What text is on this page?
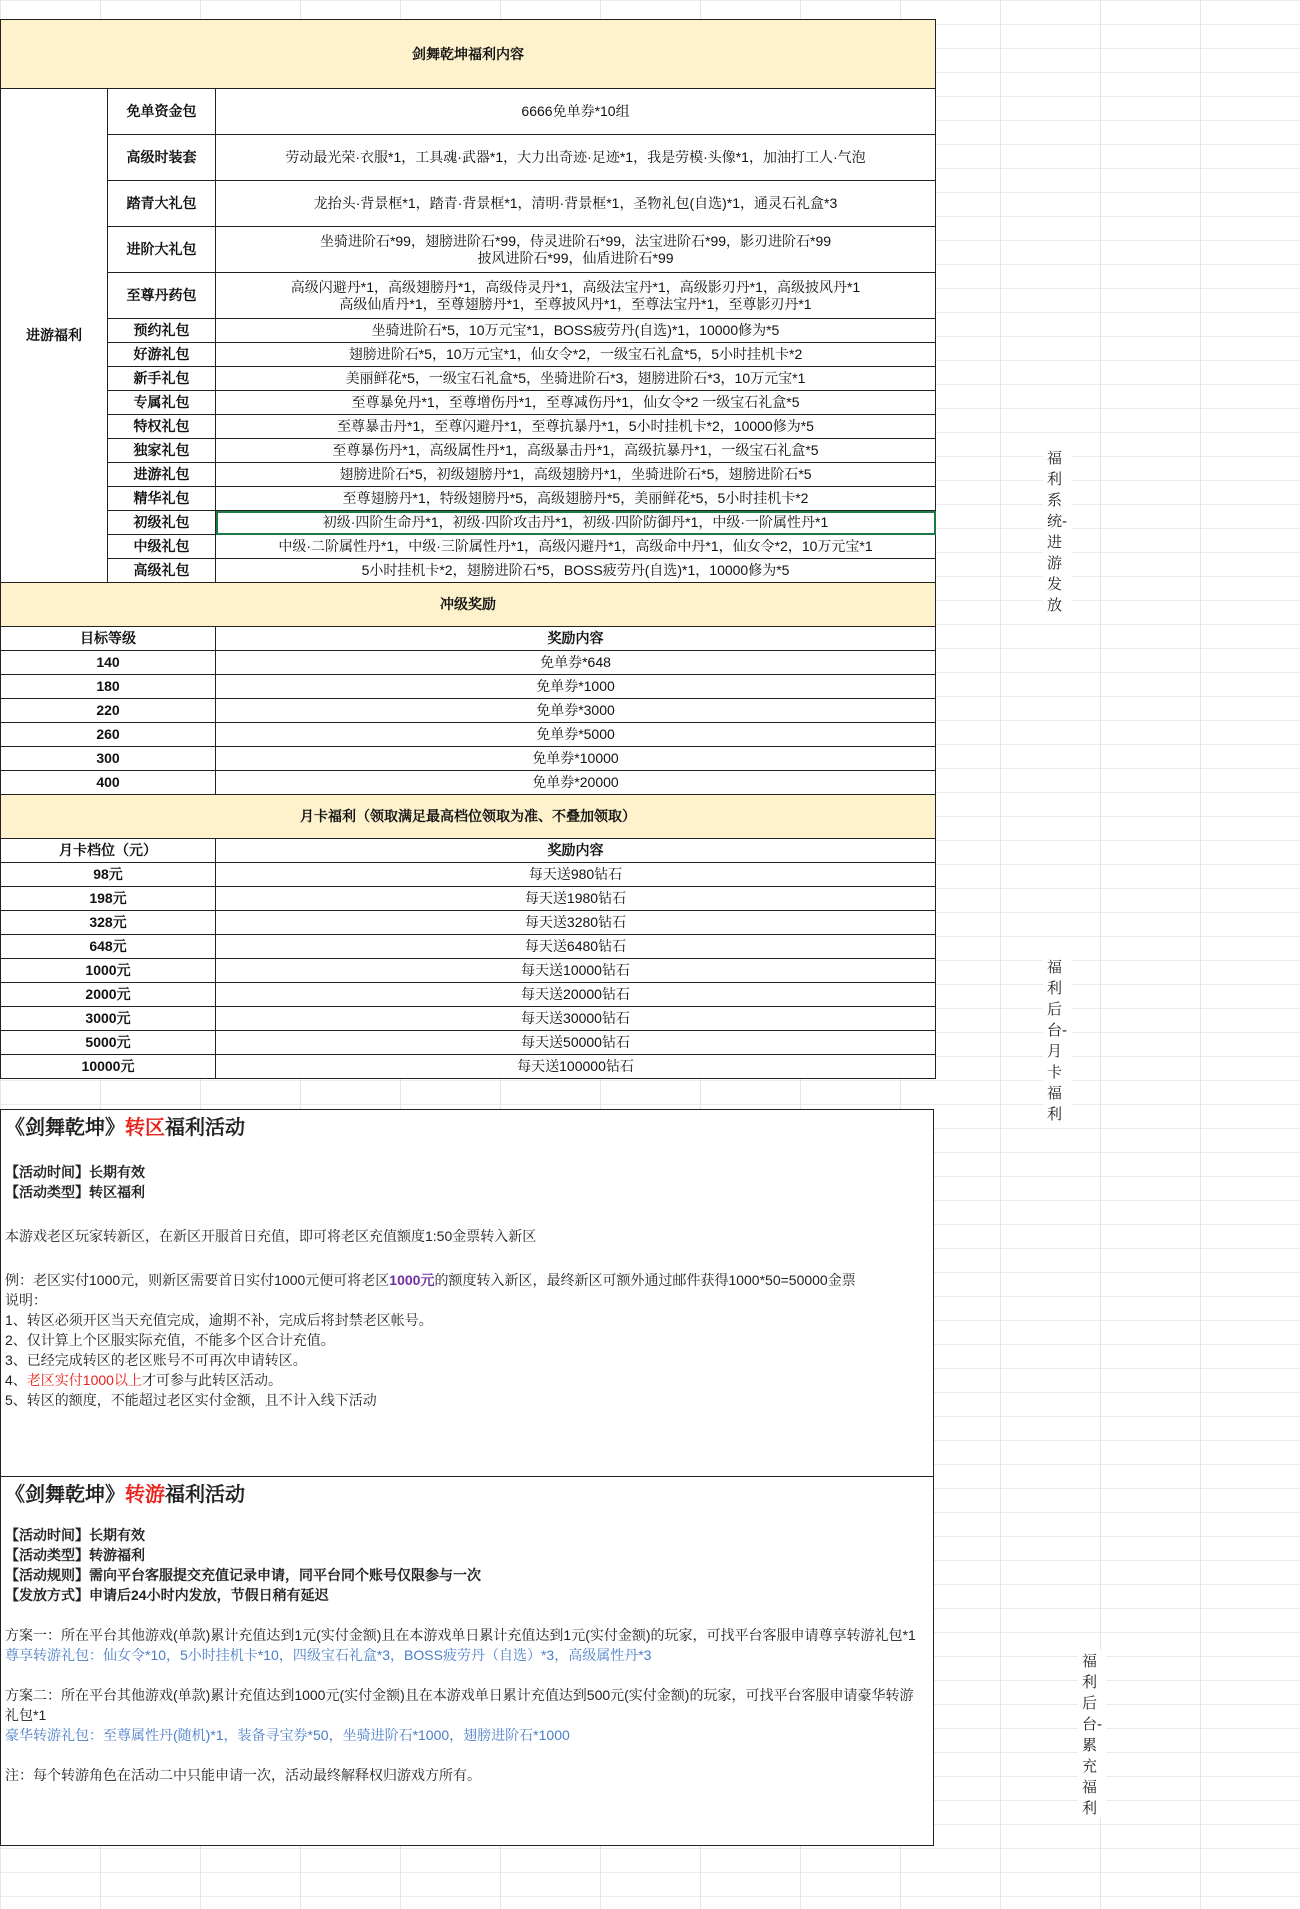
剑舞乾坤福利内容		
进游福利	免单资金包	6666免单券*10组
	高级时装套	劳动最光荣·衣服*1，工具魂·武器*1，大力出奇迹·足迹*1，我是劳模·头像*1，加油打工人·气泡
	踏青大礼包	龙抬头·背景框*1，踏青·背景框*1，清明·背景框*1，圣物礼包(自选)*1，通灵石礼盒*3
	进阶大礼包	坐骑进阶石*99，翅膀进阶石*99，侍灵进阶石*99，法宝进阶石*99，影刃进阶石*99
披风进阶石*99，仙盾进阶石*99

	至尊丹药包	高级闪避丹*1，高级翅膀丹*1，高级侍灵丹*1，高级法宝丹*1，高级影刃丹*1，高级披风丹*1
高级仙盾丹*1，至尊翅膀丹*1，至尊披风丹*1，至尊法宝丹*1，至尊影刃丹*1

	预约礼包	坐骑进阶石*5，10万元宝*1，BOSS疲劳丹(自选)*1，10000修为*5
	好游礼包	翅膀进阶石*5，10万元宝*1，仙女令*2，一级宝石礼盒*5，5小时挂机卡*2
	新手礼包	美丽鲜花*5，一级宝石礼盒*5，坐骑进阶石*3，翅膀进阶石*3，10万元宝*1
	专属礼包	至尊暴免丹*1，至尊增伤丹*1，至尊减伤丹*1，仙女令*2 一级宝石礼盒*5
	特权礼包	至尊暴击丹*1，至尊闪避丹*1，至尊抗暴丹*1，5小时挂机卡*2，10000修为*5
	独家礼包	至尊暴伤丹*1，高级属性丹*1，高级暴击丹*1，高级抗暴丹*1，一级宝石礼盒*5
	进游礼包	翅膀进阶石*5，初级翅膀丹*1，高级翅膀丹*1，坐骑进阶石*5，翅膀进阶石*5
	精华礼包	至尊翅膀丹*1，特级翅膀丹*5，高级翅膀丹*5，美丽鲜花*5，5小时挂机卡*2
	初级礼包	初级·四阶生命丹*1，初级·四阶攻击丹*1，初级·四阶防御丹*1，中级·一阶属性丹*1
	中级礼包	中级·二阶属性丹*1，中级·三阶属性丹*1，高级闪避丹*1，高级命中丹*1，仙女令*2，10万元宝*1
	高级礼包	5小时挂机卡*2，翅膀进阶石*5，BOSS疲劳丹(自选)*1，10000修为*5
冲级奖励		
目标等级		奖励内容
140		免单券*648
180		免单券*1000
220		免单券*3000
260		免单券*5000
300		免单券*10000
400		免单券*20000
月卡福利（领取满足最高档位领取为准、不叠加领取）		
月卡档位（元）		奖励内容
98元		每天送980钻石
198元		每天送1980钻石
328元		每天送3280钻石
648元		每天送6480钻石
1000元		每天送10000钻石
2000元		每天送20000钻石
3000元		每天送30000钻石
5000元		每天送50000钻石
10000元		每天送100000钻石
福利系统-进游发放
福利后台-月卡福利
福利后台-累充福利
《剑舞乾坤》转区福利活动
【活动时间】长期有效
【活动类型】转区福利
本游戏老区玩家转新区，在新区开服首日充值，即可将老区充值额度1:50金票转入新区
例：老区实付1000元，则新区需要首日实付1000元便可将老区1000元的额度转入新区，最终新区可额外通过邮件获得1000*50=50000金票
说明：
1、转区必须开区当天充值完成，逾期不补，完成后将封禁老区帐号。
2、仅计算上个区服实际充值，不能多个区合计充值。
3、已经完成转区的老区账号不可再次申请转区。
4、老区实付1000以上才可参与此转区活动。
5、转区的额度，不能超过老区实付金额，且不计入线下活动
《剑舞乾坤》转游福利活动
【活动时间】长期有效
【活动类型】转游福利
【活动规则】需向平台客服提交充值记录申请，同平台同个账号仅限参与一次
【发放方式】申请后24小时内发放，节假日稍有延迟
方案一：所在平台其他游戏(单款)累计充值达到1元(实付金额)且在本游戏单日累计充值达到1元(实付金额)的玩家，可找平台客服申请尊享转游礼包*1
尊享转游礼包：仙女令*10，5小时挂机卡*10，四级宝石礼盒*3，BOSS疲劳丹（自选）*3，高级属性丹*3
方案二：所在平台其他游戏(单款)累计充值达到1000元(实付金额)且在本游戏单日累计充值达到500元(实付金额)的玩家，可找平台客服申请豪华转游礼包*1
豪华转游礼包：至尊属性丹(随机)*1，装备寻宝券*50，坐骑进阶石*1000，翅膀进阶石*1000
注：每个转游角色在活动二中只能申请一次，活动最终解释权归游戏方所有。
